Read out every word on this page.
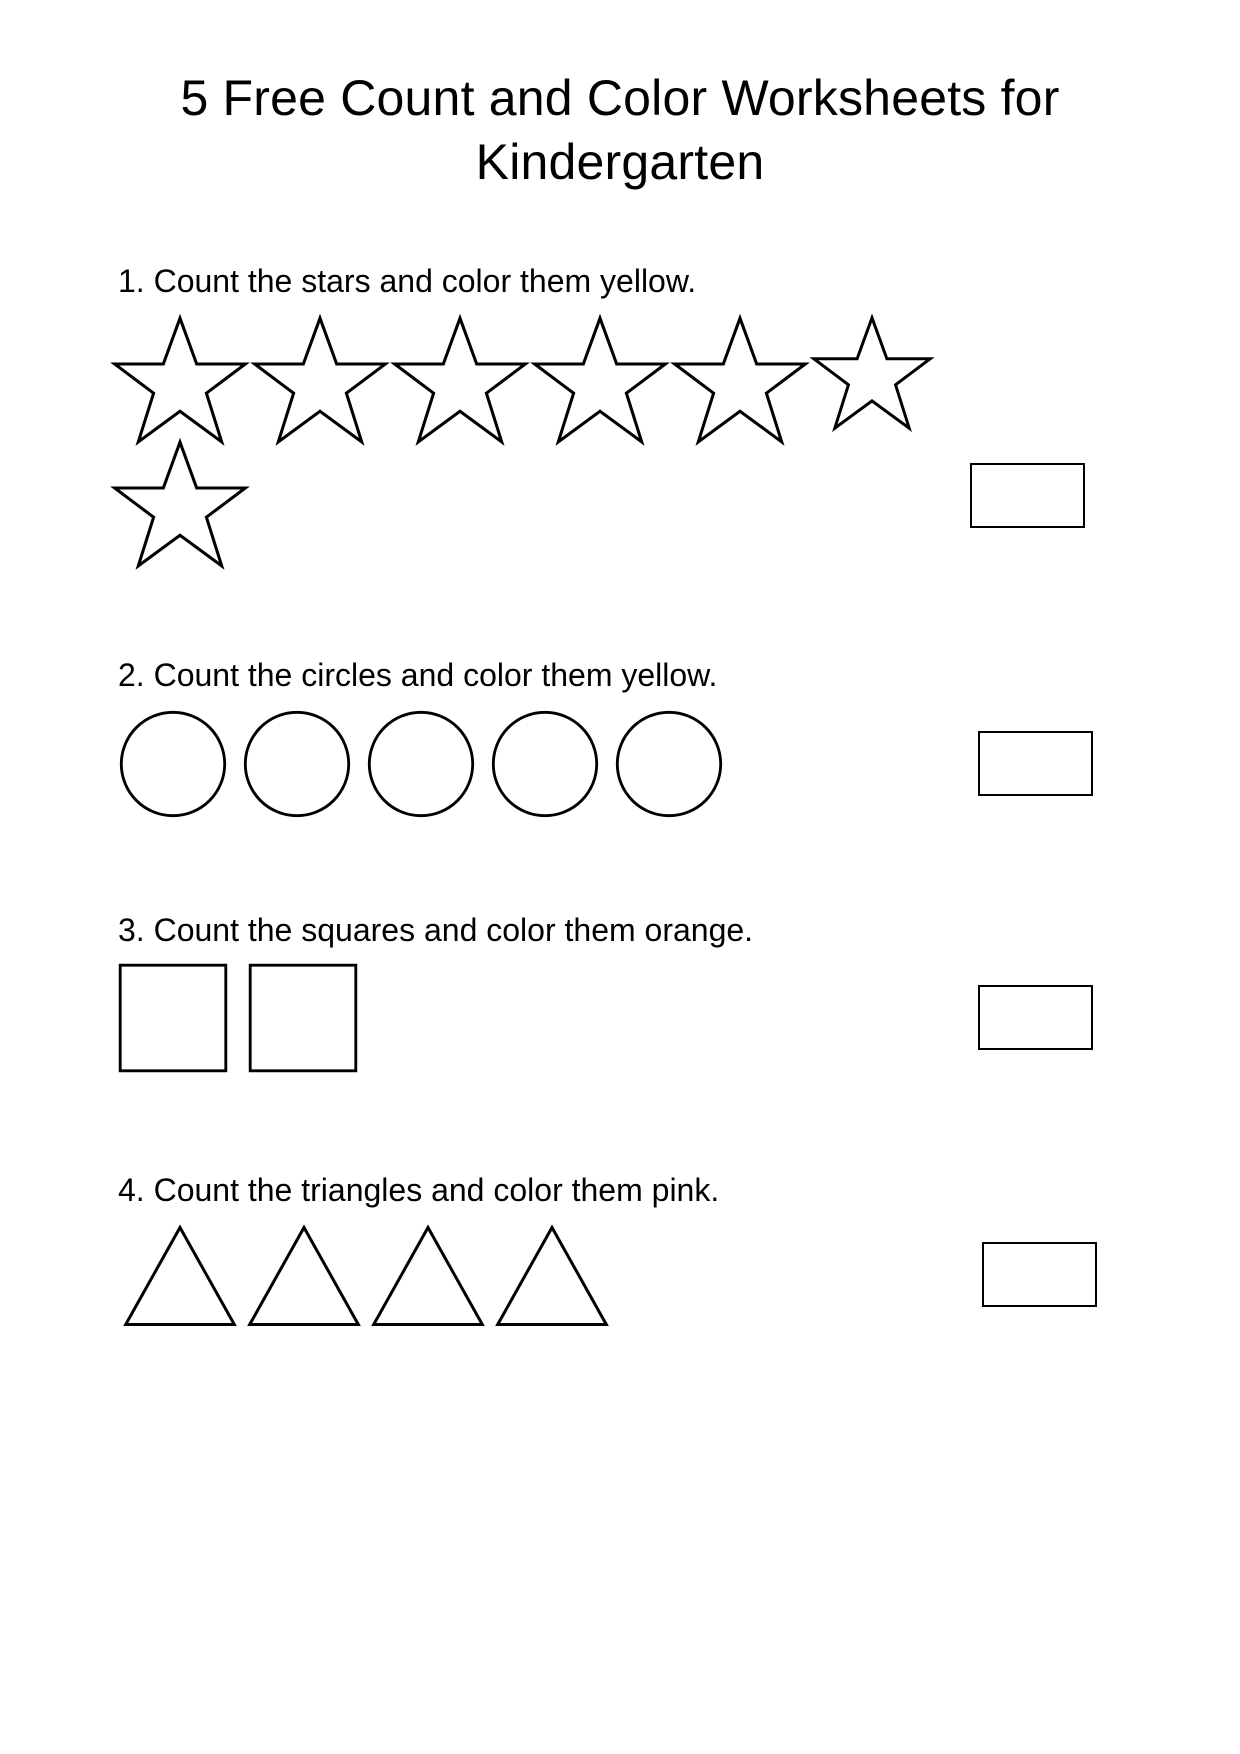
5 Free Count and Color Worksheets for Kindergarten

1. Count the stars and color them yellow.

2. Count the circles and color them yellow.

3. Count the squares and color them orange.

4. Count the triangles and color them pink.
